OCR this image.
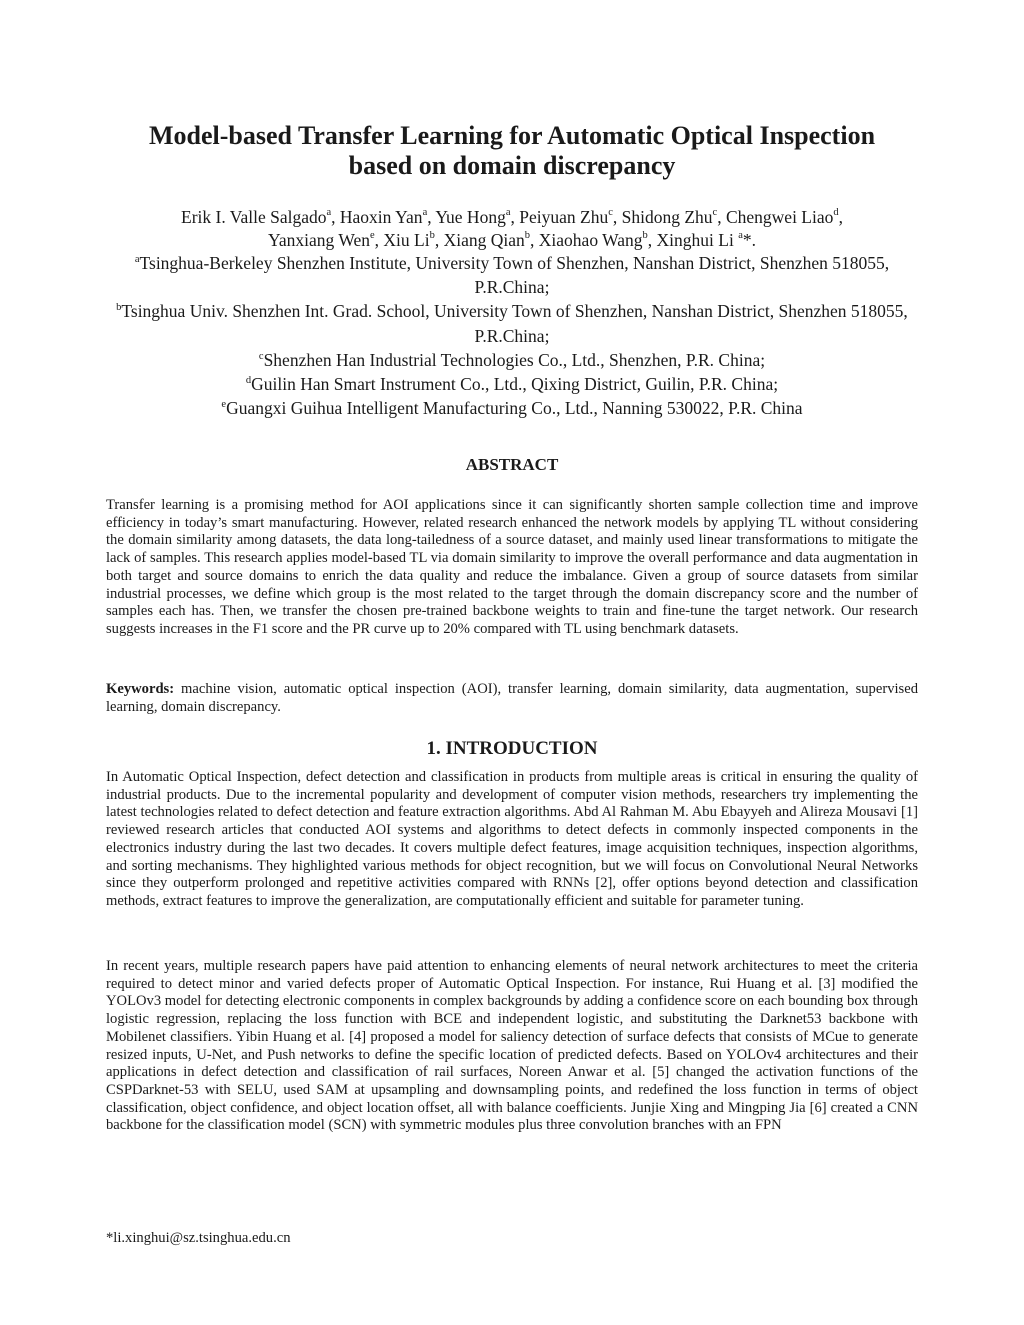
Model-based Transfer Learning for Automatic Optical Inspection
based on domain discrepancy
Erik I. Valle Salgado$^a$, Haoxin Yan$^a$, Yue Hong$^a$, Peiyuan Zhu$^c$, Shidong Zhu$^c$, Chengwei Liao$^d$,
Yanxiang Wen$^e$, Xiu Li$^b$, Xiang Qian$^b$, Xiaohao Wang$^b$, Xinghui Li $^a$*.
$^a$Tsinghua-Berkeley Shenzhen Institute, University Town of Shenzhen, Nanshan District, Shenzhen 518055, P.R.China;
$^b$Tsinghua Univ. Shenzhen Int. Grad. School, University Town of Shenzhen, Nanshan District, Shenzhen 518055, P.R.China;
$^c$Shenzhen Han Industrial Technologies Co., Ltd., Shenzhen, P.R. China;
$^d$Guilin Han Smart Instrument Co., Ltd., Qixing District, Guilin, P.R. China;
$^e$Guangxi Guihua Intelligent Manufacturing Co., Ltd., Nanning 530022, P.R. China
ABSTRACT
Transfer learning is a promising method for AOI applications since it can significantly shorten sample collection time and improve efficiency in today’s smart manufacturing. However, related research enhanced the network models by applying TL without considering the domain similarity among datasets, the data long-tailedness of a source dataset, and mainly used linear transformations to mitigate the lack of samples. This research applies model-based TL via domain similarity to improve the overall performance and data augmentation in both target and source domains to enrich the data quality and reduce the imbalance. Given a group of source datasets from similar industrial processes, we define which group is the most related to the target through the domain discrepancy score and the number of samples each has. Then, we transfer the chosen pre-trained backbone weights to train and fine-tune the target network. Our research suggests increases in the F1 score and the PR curve up to 20% compared with TL using benchmark datasets.
Keywords: machine vision, automatic optical inspection (AOI), transfer learning, domain similarity, data augmentation, supervised learning, domain discrepancy.
1. INTRODUCTION
In Automatic Optical Inspection, defect detection and classification in products from multiple areas is critical in ensuring the quality of industrial products. Due to the incremental popularity and development of computer vision methods, researchers try implementing the latest technologies related to defect detection and feature extraction algorithms. Abd Al Rahman M. Abu Ebayyeh and Alireza Mousavi [1] reviewed research articles that conducted AOI systems and algorithms to detect defects in commonly inspected components in the electronics industry during the last two decades. It covers multiple defect features, image acquisition techniques, inspection algorithms, and sorting mechanisms. They highlighted various methods for object recognition, but we will focus on Convolutional Neural Networks since they outperform prolonged and repetitive activities compared with RNNs [2], offer options beyond detection and classification methods, extract features to improve the generalization, are computationally efficient and suitable for parameter tuning.
In recent years, multiple research papers have paid attention to enhancing elements of neural network architectures to meet the criteria required to detect minor and varied defects proper of Automatic Optical Inspection. For instance, Rui Huang et al. [3] modified the YOLOv3 model for detecting electronic components in complex backgrounds by adding a confidence score on each bounding box through logistic regression, replacing the loss function with BCE and independent logistic, and substituting the Darknet53 backbone with Mobilenet classifiers. Yibin Huang et al. [4] proposed a model for saliency detection of surface defects that consists of MCue to generate resized inputs, U-Net, and Push networks to define the specific location of predicted defects. Based on YOLOv4 architectures and their applications in defect detection and classification of rail surfaces, Noreen Anwar et al. [5] changed the activation functions of the CSPDarknet-53 with SELU, used SAM at upsampling and downsampling points, and redefined the loss function in terms of object classification, object confidence, and object location offset, all with balance coefficients. Junjie Xing and Mingping Jia [6] created a CNN backbone for the classification model (SCN) with symmetric modules plus three convolution branches with an FPN
*li.xinghui@sz.tsinghua.edu.cn
